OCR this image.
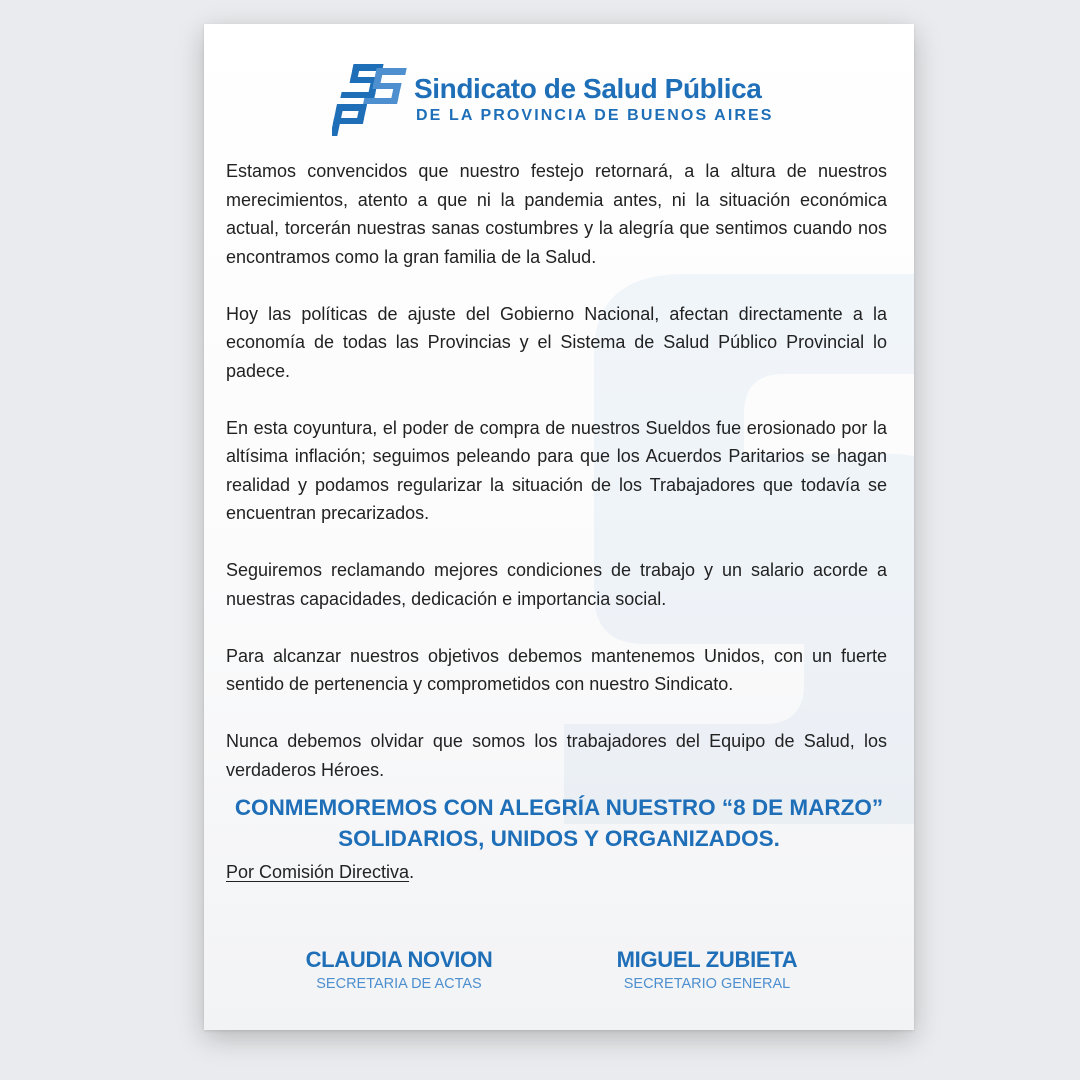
Sindicato de Salud Pública

DE LA PROVINCIA DE BUENOS AIRES

Estamos convencidos que nuestro festejo retornará, a la altura de nuestros merecimientos, atento a que ni la pandemia antes, ni la situación económica actual, torcerán nuestras sanas costumbres y la alegría que sentimos cuando nos encontramos como la gran familia de la Salud.

Hoy las políticas de ajuste del Gobierno Nacional, afectan directamente a la economía de todas las Provincias y el Sistema de Salud Público Provincial lo padece.

En esta coyuntura, el poder de compra de nuestros Sueldos fue erosionado por la altísima inflación; seguimos peleando para que los Acuerdos Paritarios se hagan realidad y podamos regularizar la situación de los Trabajadores que todavía se encuentran precarizados.

Seguiremos reclamando mejores condiciones de trabajo y un salario acorde a nuestras capacidades, dedicación e importancia social.

Para alcanzar nuestros objetivos debemos mantenemos Unidos, con un fuerte sentido de pertenencia y comprometidos con nuestro Sindicato.

Nunca debemos olvidar que somos los trabajadores del Equipo de Salud, los verdaderos Héroes.

CONMEMOREMOS CON ALEGRÍA NUESTRO “8 DE MARZO”
SOLIDARIOS, UNIDOS Y ORGANIZADOS.

Por Comisión Directiva.

CLAUDIA NOVION
SECRETARIA DE ACTAS
MIGUEL ZUBIETA
SECRETARIO GENERAL
